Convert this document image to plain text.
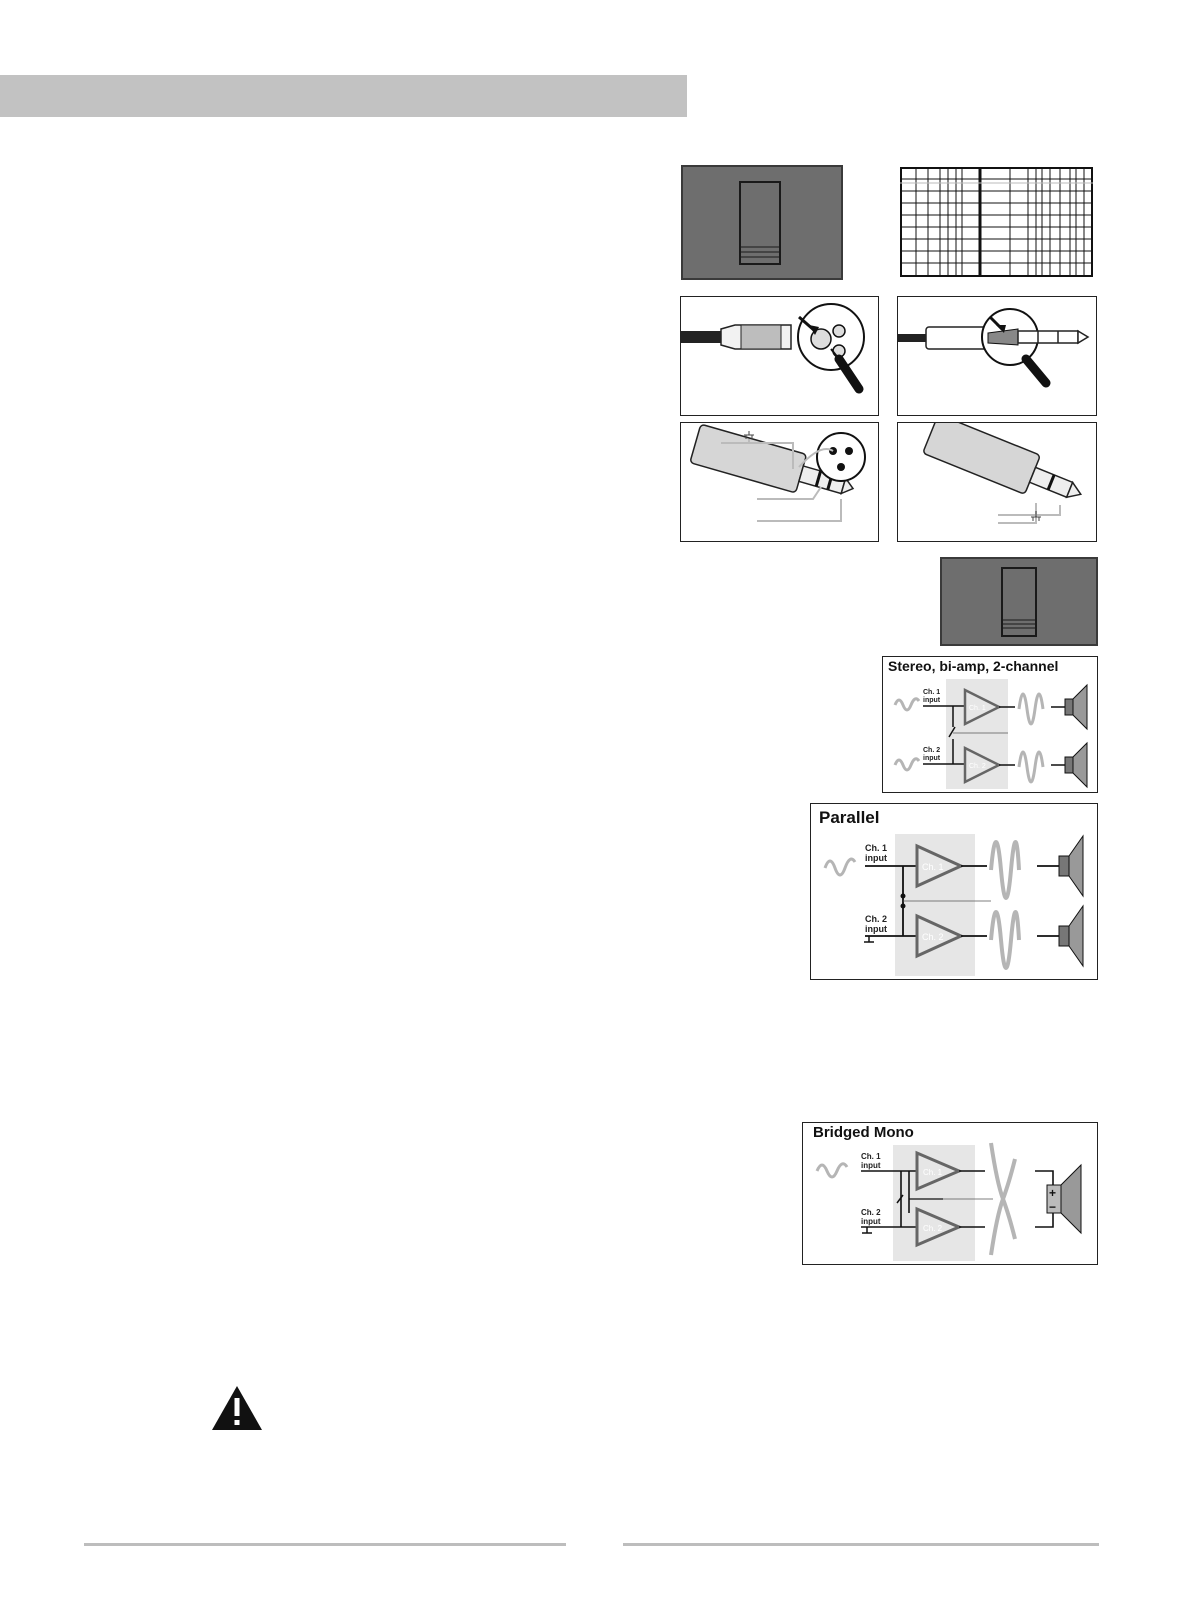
Stereo, bi-amp, 2-channel
Ch. 1
input
Ch. 2
input
Ch. 1
Ch. 2
Parallel
Ch. 1
input
Ch. 2
input
Ch. 1
Ch. 2
Bridged Mono
Ch. 1
input
Ch. 2
input
Ch. 1
Ch. 2
+
−
